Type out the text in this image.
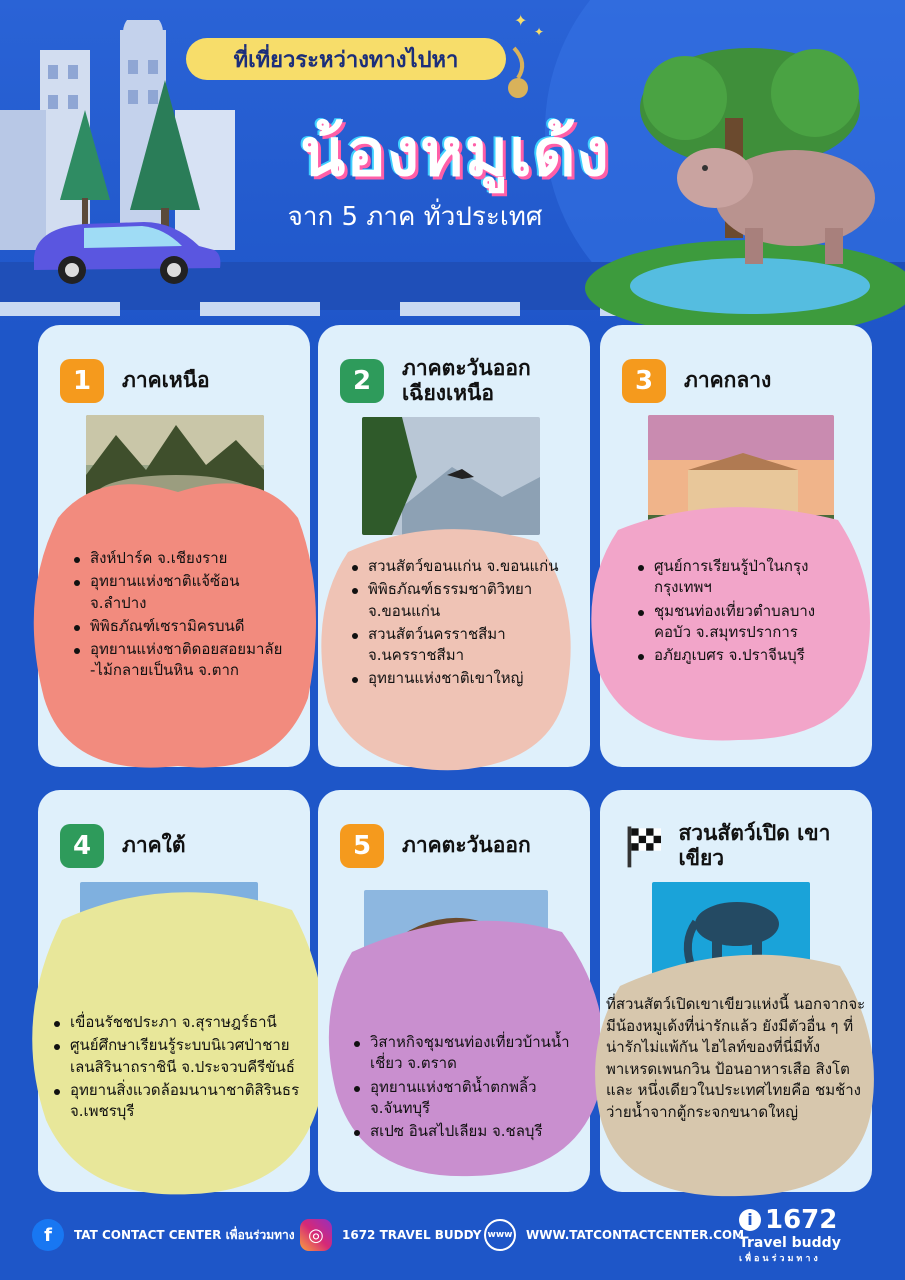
ที่เที่ยวระหว่างทางไปหา
✦
✦
น้องหมูเด้ง
จาก 5 ภาค ทั่วประเทศ
1	ภาคเหนือ
สิงห์ปาร์ค จ.เชียงราย
อุทยานแห่งชาติแจ้ซ้อน จ.ลำปาง
พิพิธภัณฑ์เซรามิครบนดี
อุทยานแห่งชาติดอยสอยมาลัย -ไม้กลายเป็นหิน จ.ตาก
2	ภาคตะวันออก เฉียงเหนือ
สวนสัตว์ขอนแก่น จ.ขอนแก่น
พิพิธภัณฑ์ธรรมชาติวิทยา จ.ขอนแก่น
สวนสัตว์นครราชสีมา จ.นครราชสีมา
อุทยานแห่งชาติเขาใหญ่
3	ภาคกลาง
ศูนย์การเรียนรู้ป่าในกรุง กรุงเทพฯ
ชุมชนท่องเที่ยวตำบลบางคอบัว จ.สมุทรปราการ
อภัยภูเบศร จ.ปราจีนบุรี
4	ภาคใต้
เขื่อนรัชชประภา จ.สุราษฎร์ธานี
ศูนย์ศึกษาเรียนรู้ระบบนิเวศป่าชายเลนสิรินาถราชินี จ.ประจวบคีรีขันธ์
อุทยานสิ่งแวดล้อมนานาชาติสิรินธร จ.เพชรบุรี
5	ภาคตะวันออก
วิสาหกิจชุมชนท่องเที่ยวบ้านน้ำเชี่ยว จ.ตราด
อุทยานแห่งชาติน้ำตกพลิ้ว จ.จันทบุรี
สเปซ อินสไปเลียม จ.ชลบุรี
สวนสัตว์เปิด เขาเขียว
ที่สวนสัตว์เปิดเขาเขียวแห่งนี้ นอกจากจะมีน้องหมูเด้งที่น่ารักแล้ว ยังมีตัวอื่น ๆ ที่น่ารักไม่แพ้กัน ไฮไลท์ของที่นี่มีทั้งพาเหรดเพนกวิน ป้อนอาหารเสือ สิงโต และ หนึ่งเดียวในประเทศไทยคือ ชมช้างว่ายน้ำจากตู้กระจกขนาดใหญ่
f	TAT CONTACT CENTER เพื่อนร่วมทาง ◎	1672 TRAVEL BUDDY www WWW.TATCONTACTCENTER.COM
i 1672
Travel buddy
เพื่อนร่วมทาง
